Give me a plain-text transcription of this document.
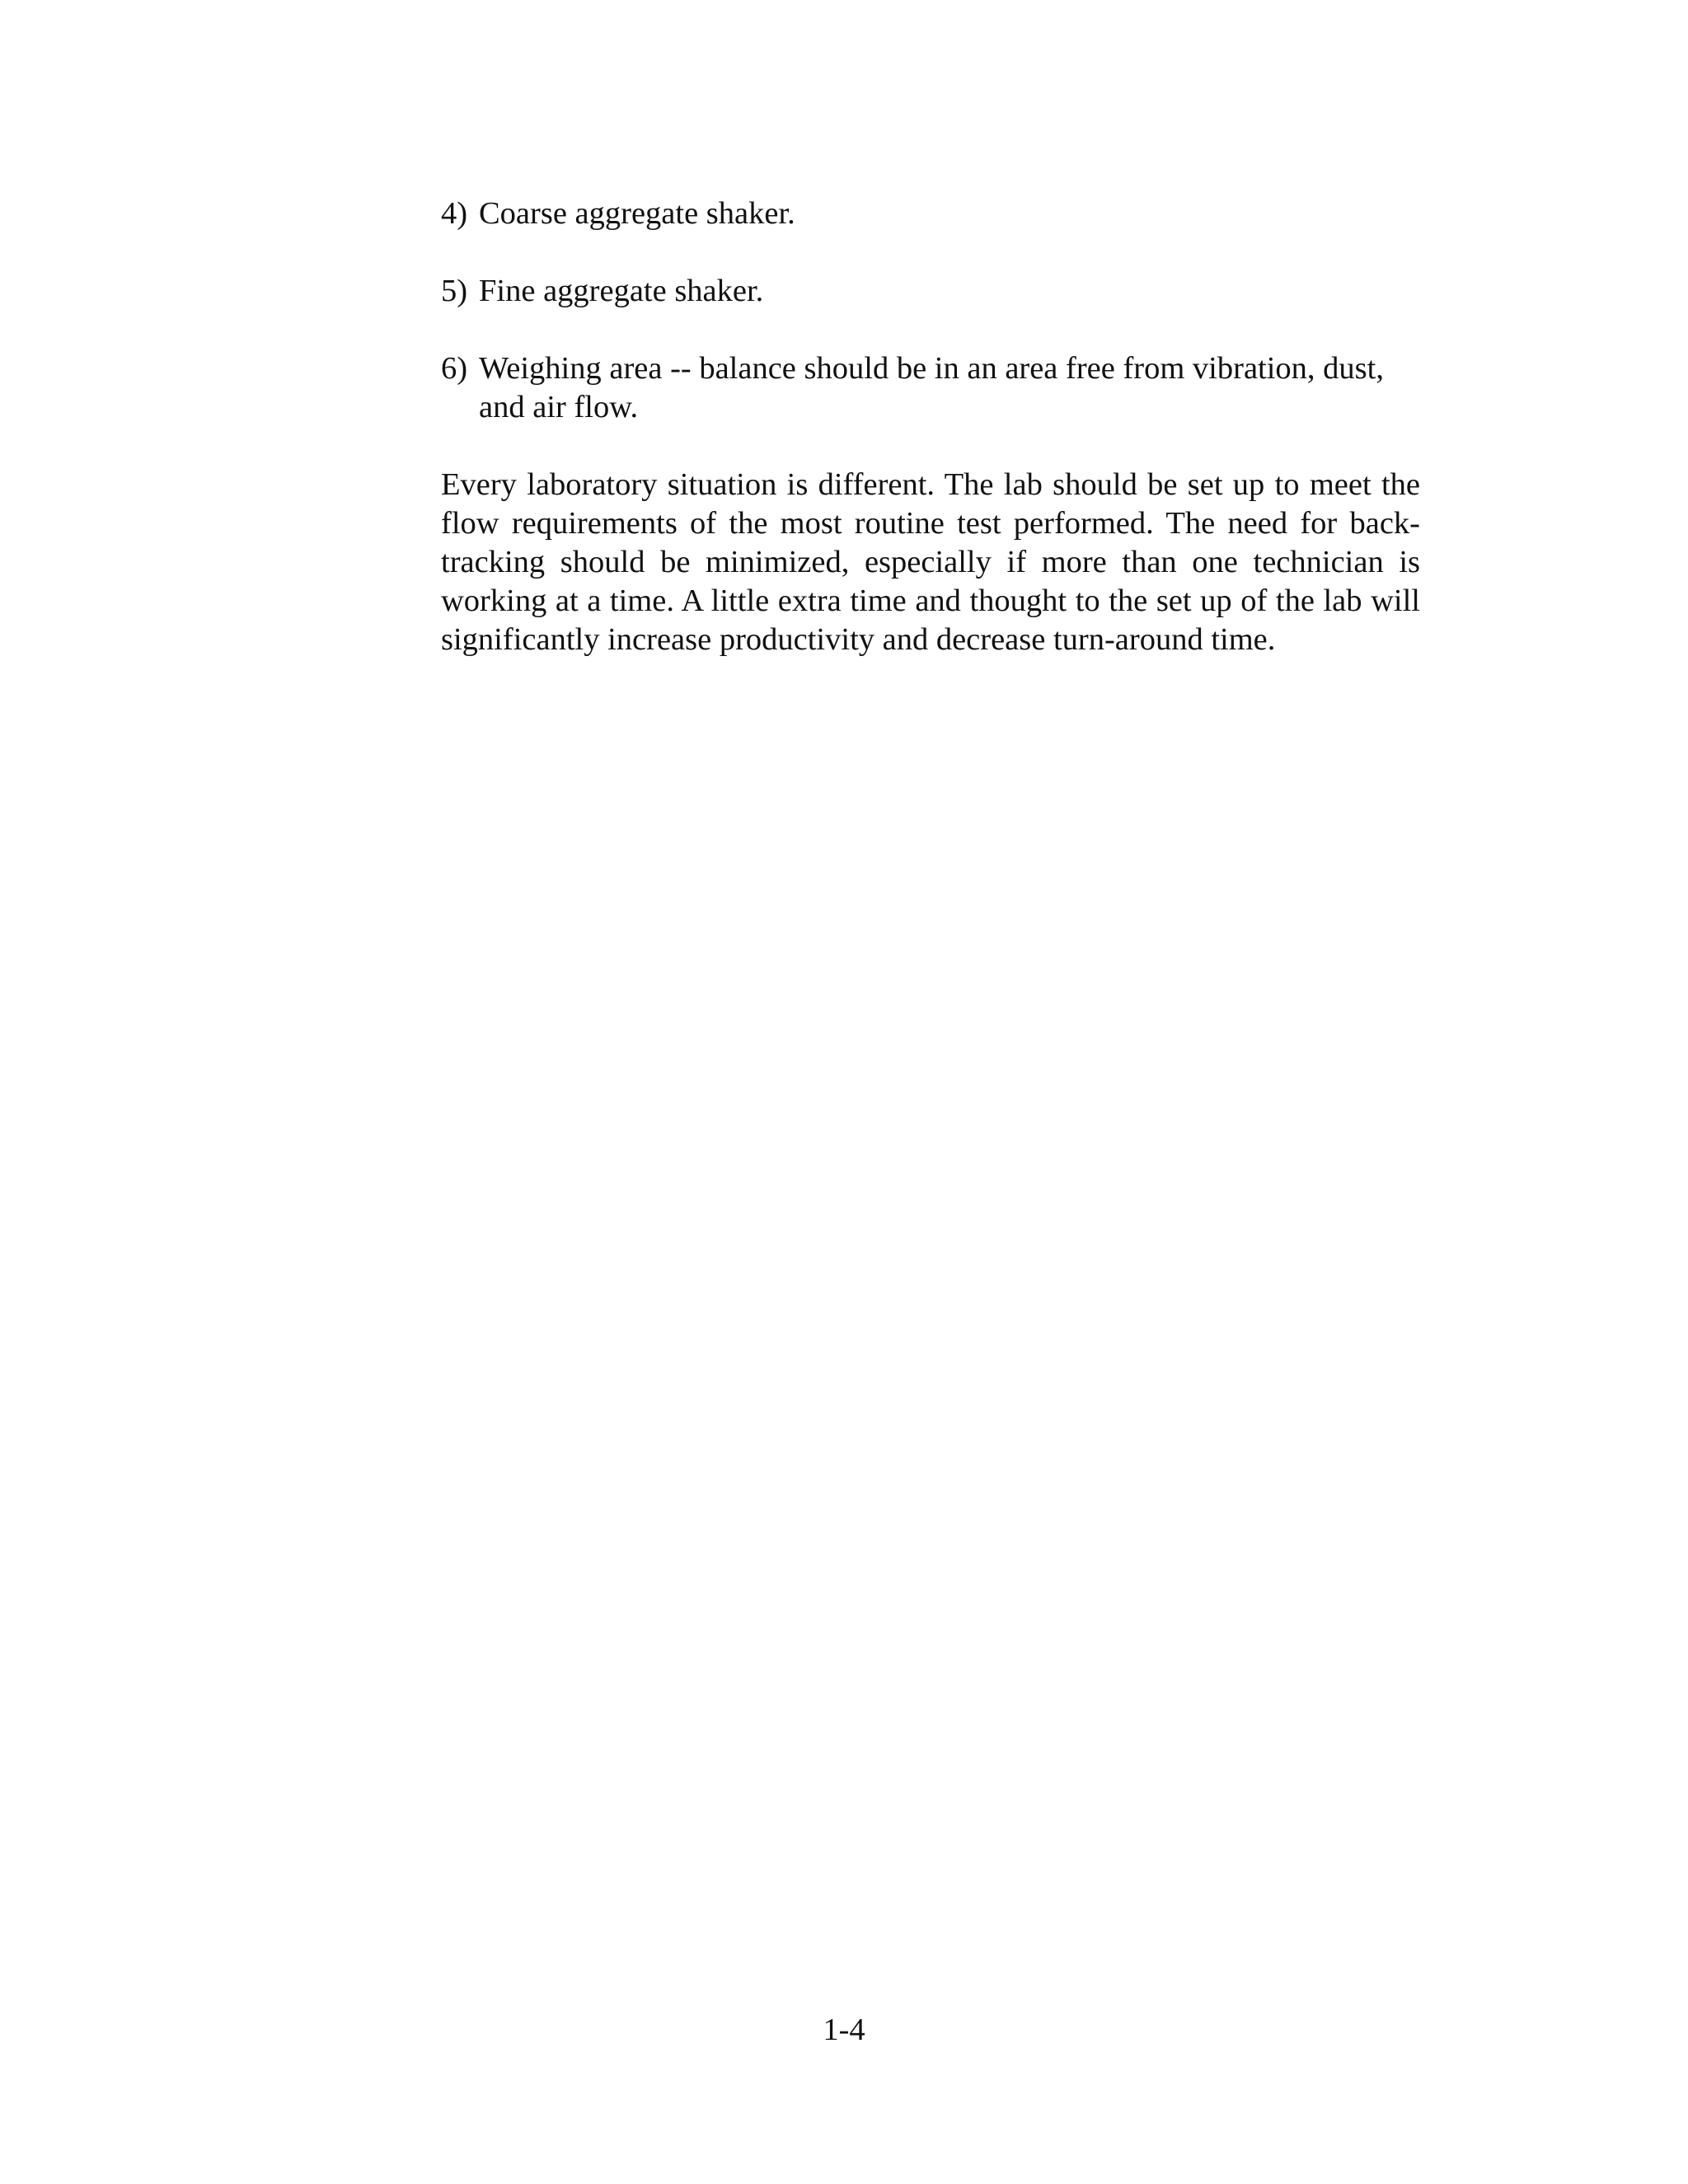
4) Coarse aggregate shaker.
5) Fine aggregate shaker.
6) Weighing area -- balance should be in an area free from vibration, dust, and air flow.

Every laboratory situation is different. The lab should be set up to meet the flow requirements of the most routine test performed. The need for back-tracking should be minimized, especially if more than one technician is working at a time. A little extra time and thought to the set up of the lab will significantly increase productivity and decrease turn-around time.

1-4
